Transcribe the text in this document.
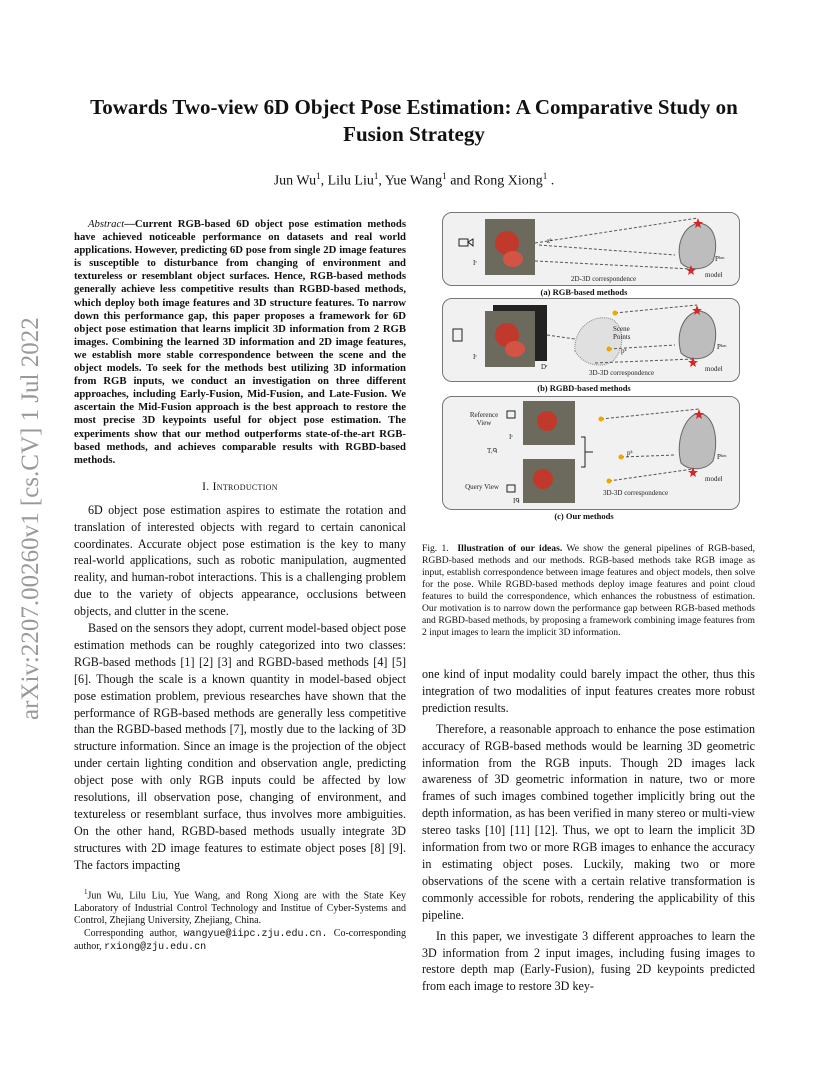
arXiv:2207.00260v1 [cs.CV] 1 Jul 2022
Towards Two-view 6D Object Pose Estimation: A Comparative Study on Fusion Strategy
Jun Wu$^1$, Lilu Liu$^1$, Yue Wang$^1$ and Rong Xiong$^1$ .

Abstract—Current RGB-based 6D object pose estimation methods have achieved noticeable performance on datasets and real world applications. However, predicting 6D pose from single 2D image features is susceptible to disturbance from changing of environment and textureless or resemblant object surfaces. Hence, RGB-based methods generally achieve less competitive results than RGBD-based methods, which deploy both image features and 3D structure features. To narrow down this performance gap, this paper proposes a framework for 6D object pose estimation that learns implicit 3D information from 2 RGB images. Combining the learned 3D information and 2D image features, we establish more stable correspondence between the scene and the object models. To seek for the methods best utilizing 3D information from RGB inputs, we conduct an investigation on three different approaches, including Early-Fusion, Mid-Fusion, and Late-Fusion. We ascertain the Mid-Fusion approach is the best approach to restore the most precise 3D keypoints useful for object pose estimation. The experiments show that our method outperforms state-of-the-art RGB-based methods, and achieves comparable results with RGBD-based methods.

I. Introduction

6D object pose estimation aspires to estimate the rotation and translation of interested objects with regard to certain canonical coordinates. Accurate object pose estimation is the key to many real-world applications, such as robotic manipulation, augmented reality, and human-robot interactions. This is a challenging problem due to the variety of objects appearance, occlusions between objects, and clutter in the scene.

Based on the sensors they adopt, current model-based object pose estimation methods can be roughly categorized into two classes: RGB-based methods [1] [2] [3] and RGBD-based methods [4] [5] [6]. Though the scale is a known quantity in model-based object pose estimation problem, previous researches have shown that the performance of RGB-based methods are generally less competitive than the RGBD-based methods [7], mostly due to the lacking of 3D structure information. Since an image is the projection of the object under certain lighting condition and observation angle, predicting object pose with only RGB inputs could be affected by low resolutions, ill observation pose, changing of environment, and textureless or resemblant surface, thus involves more ambiguities. On the other hand, RGBD-based methods usually integrate 3D structures with 2D image features to estimate object poses [8] [9]. The factors impacting

$^1$Jun Wu, Lilu Liu, Yue Wang, and Rong Xiong are with the State Key Laboratory of Industrial Control Technology and Institue of Cyber-Systems and Control, Zhejiang University, Zhejiang, China.

Corresponding author, wangyue@iipc.zju.edu.cn. Co-corresponding author, rxiong@zju.edu.cn

zᵏ
Pᵏᵐ
Iʳ
model
2D-3D correspondence
(a) RGB-based methods
Scene Points
pᵏ	Pᵏᵐ
Iʳ
Dʳ	model
3D-3D correspondence
(b) RGBD-based methods
Reference View
Query View
Iʳ
Iᑫ
Tᵣᑫ	pᵏ	Pᵏᵐ
model
3D-3D correspondence
(c) Our methods
Fig. 1. Illustration of our ideas. We show the general pipelines of RGB-based, RGBD-based methods and our methods. RGB-based methods take RGB image as input, establish correspondence between image features and object models, then solve for the pose. While RGBD-based methods deploy image features and point cloud features to build the correspondence, which enhances the robustness of estimation. Our motivation is to narrow down the performance gap between RGB-based methods and RGBD-based methods, by proposing a framework combining image features from 2 input images to learn the implicit 3D information.

one kind of input modality could barely impact the other, thus this integration of two modalities of input features creates more robust prediction results.

Therefore, a reasonable approach to enhance the pose estimation accuracy of RGB-based methods would be learning 3D geometric information from the RGB inputs. Though 2D images lack awareness of 3D geometric information in nature, two or more frames of such images combined together implicitly bring out the depth information, as has been verified in many stereo or multi-view stereo tasks [10] [11] [12]. Thus, we opt to learn the implicit 3D information from two or more RGB images to enhance the accuracy in estimating object poses. Luckily, making two or more observations of the scene with a certain relative transformation is commonly accessible for robots, rendering the applicability of this pipeline.

In this paper, we investigate 3 different approaches to learn the 3D information from 2 input images, including fusing images to restore depth map (Early-Fusion), fusing 2D keypoints predicted from each image to restore 3D key-
